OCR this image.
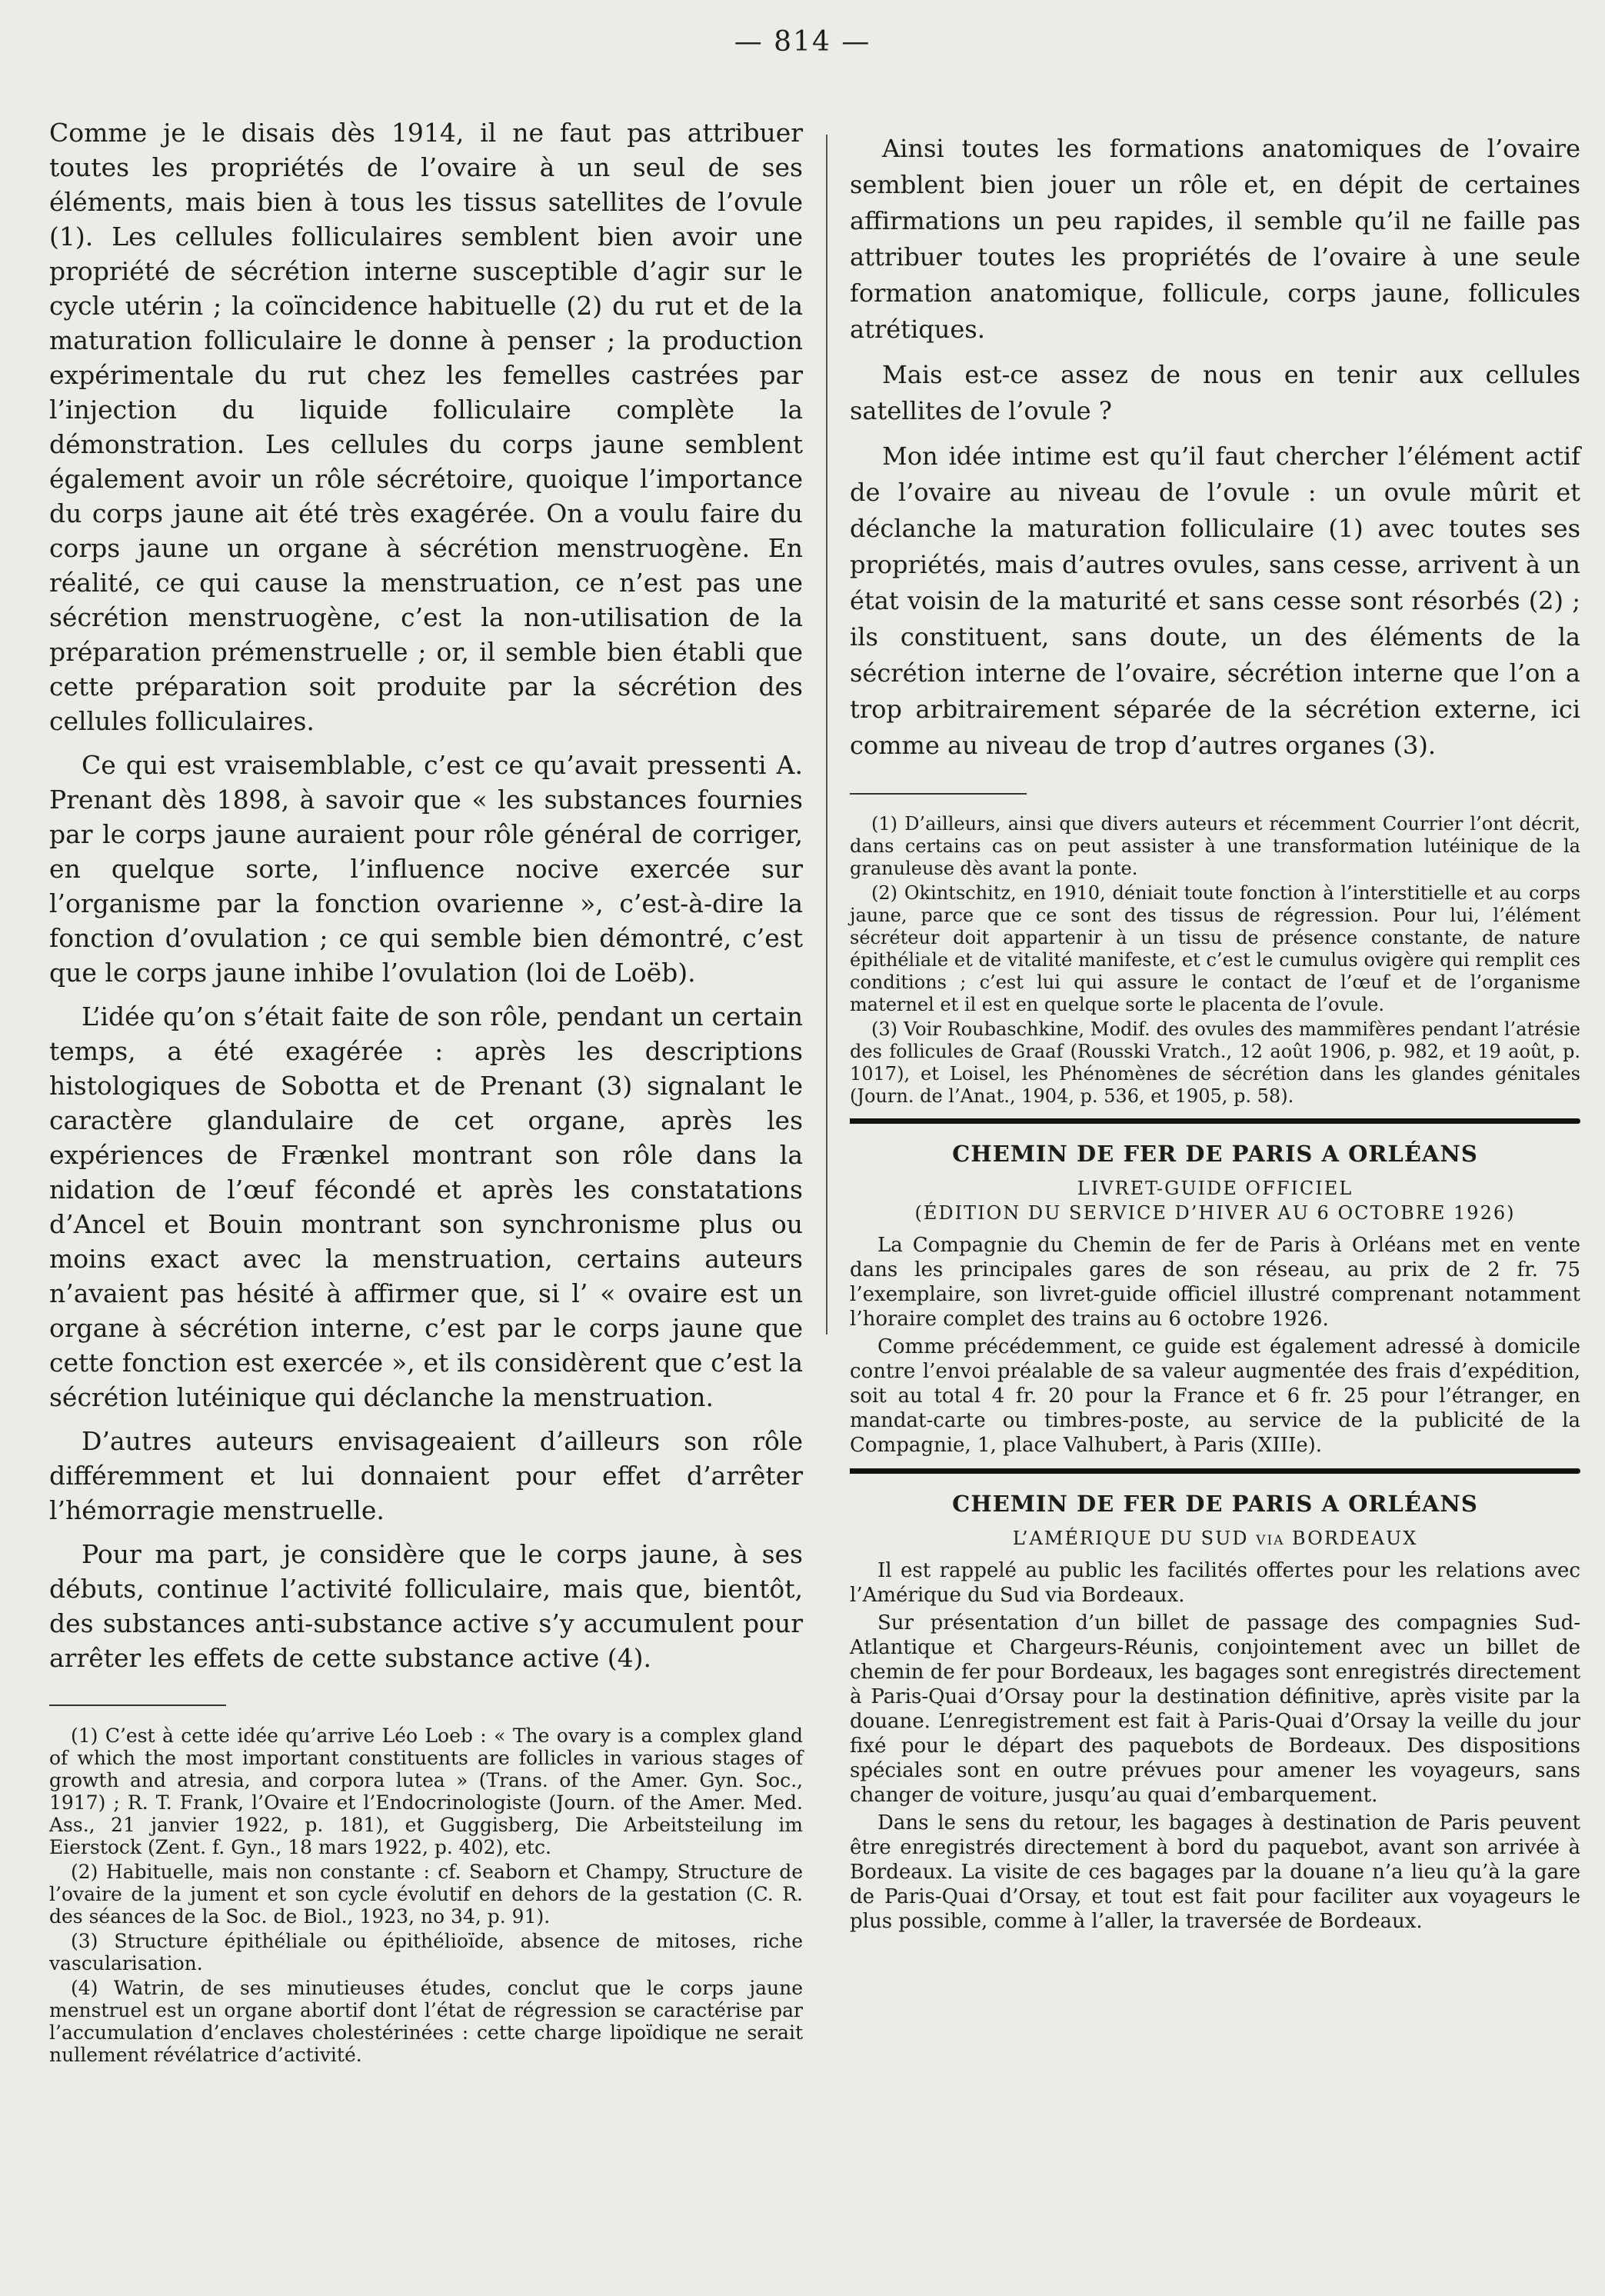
— 814 —

Comme je le disais dès 1914, il ne faut pas attribuer toutes les propriétés de l’ovaire à un seul de ses éléments, mais bien à tous les tissus satellites de l’ovule (1). Les cellules folliculaires semblent bien avoir une propriété de sécrétion interne susceptible d’agir sur le cycle utérin ; la coïncidence habituelle (2) du rut et de la maturation folliculaire le donne à penser ; la production expérimentale du rut chez les femelles castrées par l’injection du liquide folliculaire complète la démonstration. Les cellules du corps jaune semblent également avoir un rôle sécrétoire, quoique l’importance du corps jaune ait été très exagérée. On a voulu faire du corps jaune un organe à sécrétion menstruogène. En réalité, ce qui cause la menstruation, ce n’est pas une sécrétion menstruogène, c’est la non-utilisation de la préparation prémenstruelle ; or, il semble bien établi que cette préparation soit produite par la sécrétion des cellules folliculaires.

Ce qui est vraisemblable, c’est ce qu’avait pressenti A. Prenant dès 1898, à savoir que « les substances fournies par le corps jaune auraient pour rôle général de corriger, en quelque sorte, l’influence nocive exercée sur l’organisme par la fonction ovarienne », c’est-à-dire la fonction d’ovulation ; ce qui semble bien démontré, c’est que le corps jaune inhibe l’ovulation (loi de Loëb).

L’idée qu’on s’était faite de son rôle, pendant un certain temps, a été exagérée : après les descriptions histologiques de Sobotta et de Prenant (3) signalant le caractère glandulaire de cet organe, après les expériences de Frænkel montrant son rôle dans la nidation de l’œuf fécondé et après les constatations d’Ancel et Bouin montrant son synchronisme plus ou moins exact avec la menstruation, certains auteurs n’avaient pas hésité à affirmer que, si l’ « ovaire est un organe à sécrétion interne, c’est par le corps jaune que cette fonction est exercée », et ils considèrent que c’est la sécrétion lutéinique qui déclanche la menstruation.

D’autres auteurs envisageaient d’ailleurs son rôle différemment et lui donnaient pour effet d’arrêter l’hémorragie menstruelle.

Pour ma part, je considère que le corps jaune, à ses débuts, continue l’activité folliculaire, mais que, bientôt, des substances anti-substance active s’y accumulent pour arrêter les effets de cette substance active (4).

(1) C’est à cette idée qu’arrive Léo Loeb : « The ovary is a complex gland of which the most important constituents are follicles in various stages of growth and atresia, and corpora lutea » (Trans. of the Amer. Gyn. Soc., 1917) ; R. T. Frank, l’Ovaire et l’Endocrinologiste (Journ. of the Amer. Med. Ass., 21 janvier 1922, p. 181), et Guggisberg, Die Arbeitsteilung im Eierstock (Zent. f. Gyn., 18 mars 1922, p. 402), etc.

(2) Habituelle, mais non constante : cf. Seaborn et Champy, Structure de l’ovaire de la jument et son cycle évolutif en dehors de la gestation (C. R. des séances de la Soc. de Biol., 1923, no 34, p. 91).

(3) Structure épithéliale ou épithélioïde, absence de mitoses, riche vascularisation.

(4) Watrin, de ses minutieuses études, conclut que le corps jaune menstruel est un organe abortif dont l’état de régression se caractérise par l’accumulation d’enclaves cholestérinées : cette charge lipoïdique ne serait nullement révélatrice d’activité.

Ainsi toutes les formations anatomiques de l’ovaire semblent bien jouer un rôle et, en dépit de certaines affirmations un peu rapides, il semble qu’il ne faille pas attribuer toutes les propriétés de l’ovaire à une seule formation anatomique, follicule, corps jaune, follicules atrétiques.

Mais est-ce assez de nous en tenir aux cellules satellites de l’ovule ?

Mon idée intime est qu’il faut chercher l’élément actif de l’ovaire au niveau de l’ovule : un ovule mûrit et déclanche la maturation folliculaire (1) avec toutes ses propriétés, mais d’autres ovules, sans cesse, arrivent à un état voisin de la maturité et sans cesse sont résorbés (2) ; ils constituent, sans doute, un des éléments de la sécrétion interne de l’ovaire, sécrétion interne que l’on a trop arbitrairement séparée de la sécrétion externe, ici comme au niveau de trop d’autres organes (3).

(1) D’ailleurs, ainsi que divers auteurs et récemment Courrier l’ont décrit, dans certains cas on peut assister à une transformation lutéinique de la granuleuse dès avant la ponte.

(2) Okintschitz, en 1910, déniait toute fonction à l’interstitielle et au corps jaune, parce que ce sont des tissus de régression. Pour lui, l’élément sécréteur doit appartenir à un tissu de présence constante, de nature épithéliale et de vitalité manifeste, et c’est le cumulus ovigère qui remplit ces conditions ; c’est lui qui assure le contact de l’œuf et de l’organisme maternel et il est en quelque sorte le placenta de l’ovule.

(3) Voir Roubaschkine, Modif. des ovules des mammifères pendant l’atrésie des follicules de Graaf (Rousski Vratch., 12 août 1906, p. 982, et 19 août, p. 1017), et Loisel, les Phénomènes de sécrétion dans les glandes génitales (Journ. de l’Anat., 1904, p. 536, et 1905, p. 58).

CHEMIN DE FER DE PARIS A ORLÉANS
LIVRET-GUIDE OFFICIEL
(ÉDITION DU SERVICE D’HIVER AU 6 OCTOBRE 1926)

La Compagnie du Chemin de fer de Paris à Orléans met en vente dans les principales gares de son réseau, au prix de 2 fr. 75 l’exemplaire, son livret-guide officiel illustré comprenant notamment l’horaire complet des trains au 6 octobre 1926.

Comme précédemment, ce guide est également adressé à domicile contre l’envoi préalable de sa valeur augmentée des frais d’expédition, soit au total 4 fr. 20 pour la France et 6 fr. 25 pour l’étranger, en mandat-carte ou timbres-poste, au service de la publicité de la Compagnie, 1, place Valhubert, à Paris (XIIIe).

CHEMIN DE FER DE PARIS A ORLÉANS
L’AMÉRIQUE DU SUD via BORDEAUX

Il est rappelé au public les facilités offertes pour les relations avec l’Amérique du Sud via Bordeaux.

Sur présentation d’un billet de passage des compagnies Sud-Atlantique et Chargeurs-Réunis, conjointement avec un billet de chemin de fer pour Bordeaux, les bagages sont enregistrés directement à Paris-Quai d’Orsay pour la destination définitive, après visite par la douane. L’enregistrement est fait à Paris-Quai d’Orsay la veille du jour fixé pour le départ des paquebots de Bordeaux. Des dispositions spéciales sont en outre prévues pour amener les voyageurs, sans changer de voiture, jusqu’au quai d’embarquement.

Dans le sens du retour, les bagages à destination de Paris peuvent être enregistrés directement à bord du paquebot, avant son arrivée à Bordeaux. La visite de ces bagages par la douane n’a lieu qu’à la gare de Paris-Quai d’Orsay, et tout est fait pour faciliter aux voyageurs le plus possible, comme à l’aller, la traversée de Bordeaux.
